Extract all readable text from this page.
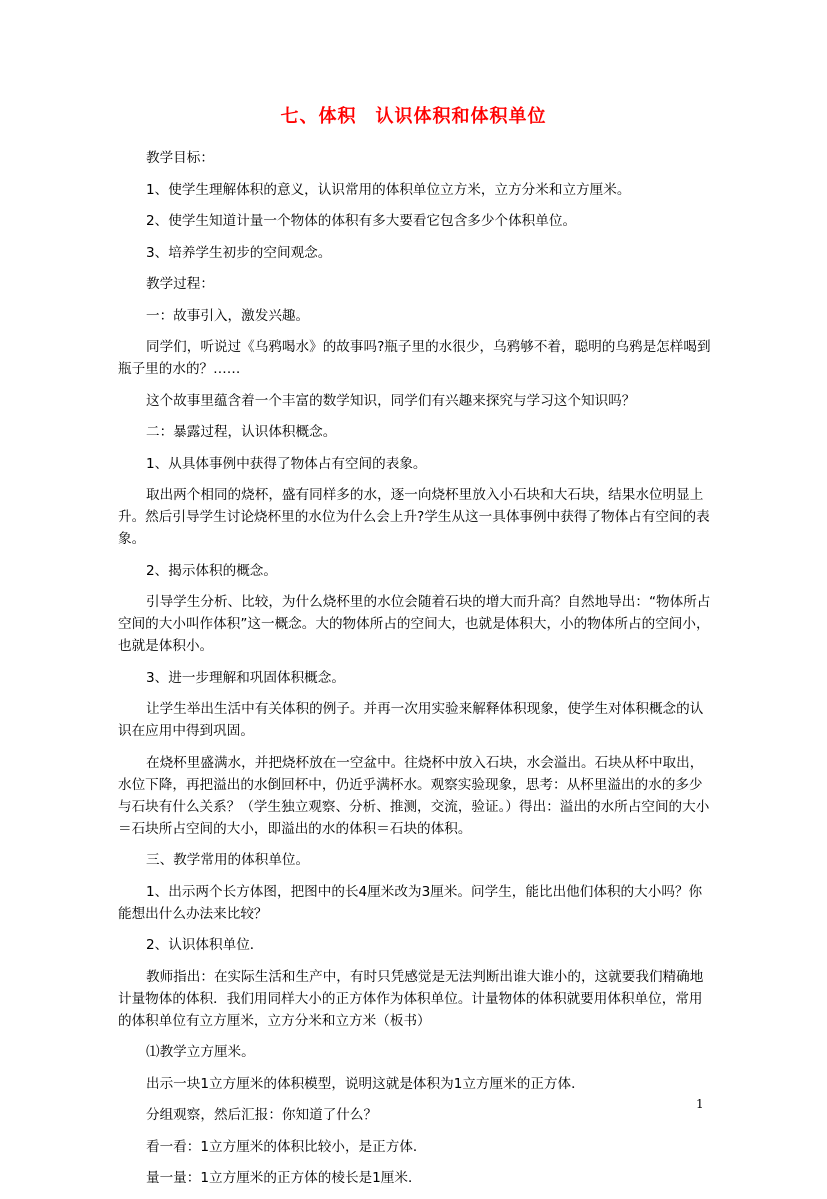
七、体积　认识体积和体积单位

教学目标：

1、使学生理解体积的意义，认识常用的体积单位立方米，立方分米和立方厘米。

2、使学生知道计量一个物体的体积有多大要看它包含多少个体积单位。

3、培养学生初步的空间观念。

教学过程：

一：故事引入，激发兴趣。

同学们，听说过《乌鸦喝水》的故事吗?瓶子里的水很少，乌鸦够不着，聪明的乌鸦是怎样喝到瓶子里的水的？……

这个故事里蕴含着一个丰富的数学知识，同学们有兴趣来探究与学习这个知识吗？

二：暴露过程，认识体积概念。

1、从具体事例中获得了物体占有空间的表象。

取出两个相同的烧杯，盛有同样多的水，逐一向烧杯里放入小石块和大石块，结果水位明显上升。然后引导学生讨论烧杯里的水位为什么会上升?学生从这一具体事例中获得了物体占有空间的表象。

2、揭示体积的概念。

引导学生分析、比较，为什么烧杯里的水位会随着石块的增大而升高？自然地导出：“物体所占空间的大小叫作体积”这一概念。大的物体所占的空间大，也就是体积大，小的物体所占的空间小，也就是体积小。

3、进一步理解和巩固体积概念。

让学生举出生活中有关体积的例子。并再一次用实验来解释体积现象，使学生对体积概念的认识在应用中得到巩固。

在烧杯里盛满水，并把烧杯放在一空盆中。往烧杯中放入石块，水会溢出。石块从杯中取出，水位下降，再把溢出的水倒回杯中，仍近乎满杯水。观察实验现象，思考：从杯里溢出的水的多少与石块有什么关系？（学生独立观察、分析、推测，交流，验证。）得出：溢出的水所占空间的大小＝石块所占空间的大小，即溢出的水的体积＝石块的体积。

三、教学常用的体积单位。

1、出示两个长方体图，把图中的长4厘米改为3厘米。问学生，能比出他们体积的大小吗？你能想出什么办法来比较？

2、认识体积单位．

教师指出：在实际生活和生产中，有时只凭感觉是无法判断出谁大谁小的，这就要我们精确地计量物体的体积．我们用同样大小的正方体作为体积单位。计量物体的体积就要用体积单位，常用的体积单位有立方厘米，立方分米和立方米（板书）

⑴教学立方厘米。

出示一块1立方厘米的体积模型，说明这就是体积为1立方厘米的正方体．

分组观察，然后汇报：你知道了什么？

看一看：1立方厘米的体积比较小，是正方体．

量一量：1立方厘米的正方体的棱长是1厘米．

1
